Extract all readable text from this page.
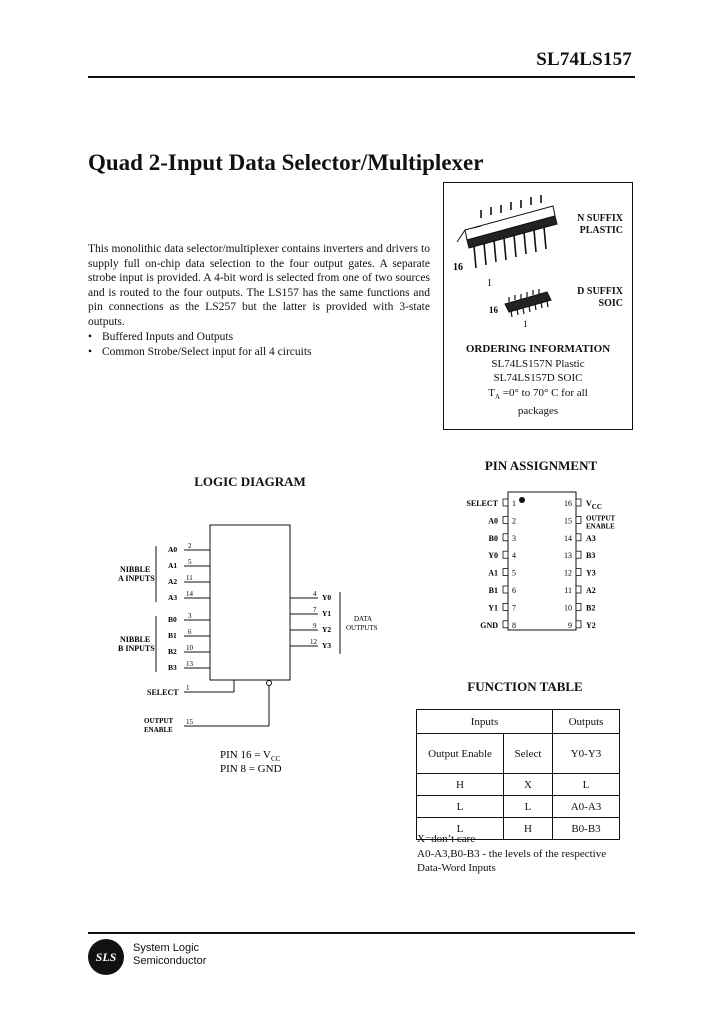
SL74LS157
Quad 2-Input Data Selector/Multiplexer
This monolithic data selector/multiplexer contains inverters and drivers to supply full on-chip data selection to the four output gates. A separate strobe input is provided. A 4-bit word is selected from one of two sources and is routed to the four outputs. The LS157 has the same functions and pin connections as the LS257 but the latter is provided with 3-state outputs.
• Buffered Inputs and Outputs
• Common Strobe/Select input for all 4 circuits
16
1
16
1
N SUFFIX
PLASTIC
D SUFFIX
SOIC
ORDERING INFORMATION
SL74LS157N Plastic
SL74LS157D SOIC
$T_A =0^\circ$ to 70° C for all
packages
LOGIC DIAGRAM
NIBBLE
A INPUTS
NIBBLE
B INPUTS
A0
A1
A2
A3
B0
B1
B2
B3
2
5
11
14
3
6
10
13
4
7
9
12
1
15
Y0
Y1
Y2
Y3
DATA
OUTPUTS
SELECT
OUTPUT
ENABLE
PIN $16 = V_{CC}$
PIN 8 = GND
PIN ASSIGNMENT
SELECT 1
A0 2
B0 3
Y0 4
A1 5
B1 6
Y1 7
GND 8
16 VCC
15 OUTPUT
ENABLE
14 A3
13 B3
12 Y3
11 A2
10 B2
9 Y2
FUNCTION TABLE
Inputs		Outputs
Output Enable	Select	Y0-Y3
H	X	L
L	L	A0-A3
L	H	B0-B3
X=don’t care
A0-A3,B0-B3 - the levels of the respective
Data-Word Inputs
SLS
System Logic
Semiconductor
